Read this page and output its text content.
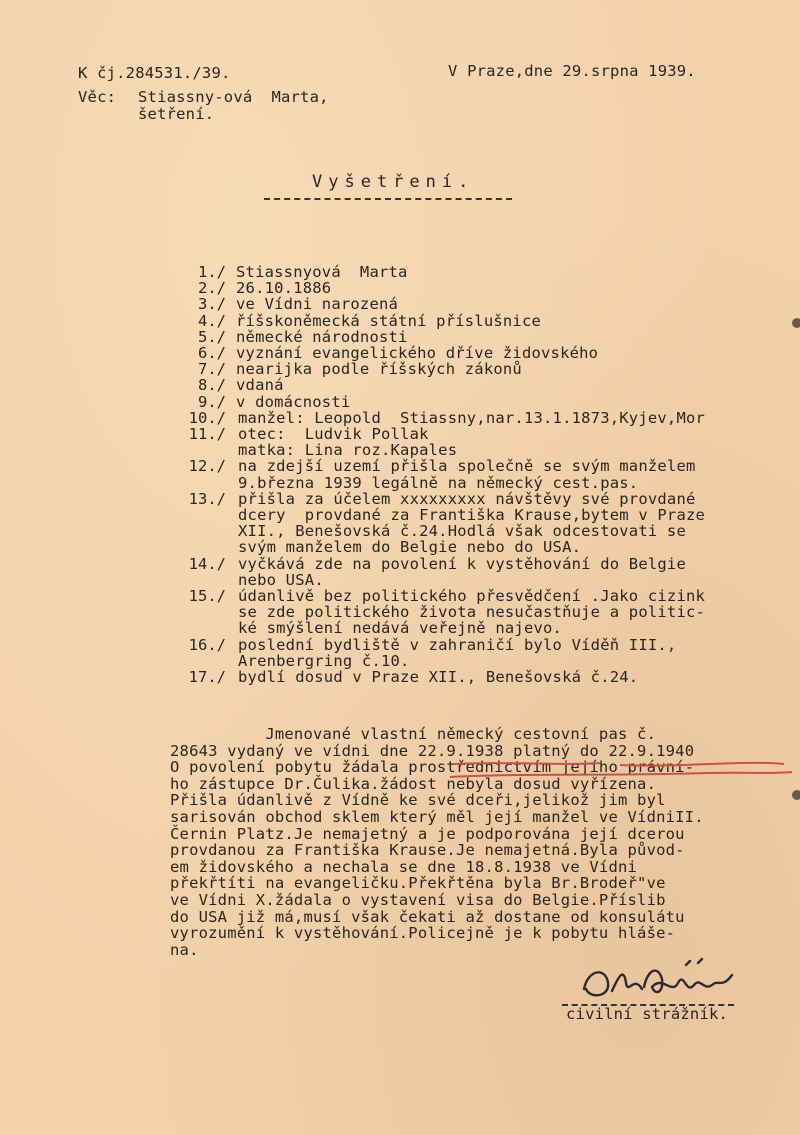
K čj.284531./39.	V Praze,dne 29.srpna 1939.
Věc: Stiassny-ová  Marta,
šetření.
Vyšetření.
1./ Stiassnyová  Marta
2./ 26.10.1886
3./ ve Vídni narozená
4./ říšskoněmecká státní příslušnice
5./ německé národnosti
6./ vyznání evangelického dříve židovského
7./ nearijka podle říšských zákonů
8./ vdaná
9./ v domácnosti
10./ manžel: Leopold  Stiassny,nar.13.1.1873,Kyjev,Mor
11./ otec:  Ludvik Pollak
matka: Lina roz.Kapales
12./ na zdejší uzemí přišla společně se svým manželem
9.března 1939 legálně na německý cest.pas.
13./ přišla za účelem xxxxxxxxx návštěvy své provdané
dcery  provdané za Františka Krause,bytem v Praze
XII., Benešovská č.24.Hodlá však odcestovati se
svým manželem do Belgie nebo do USA.
14./ vyčkává zde na povolení k vystěhování do Belgie
nebo USA.
15./ údanlivě bez politického přesvědčení .Jako cizink
se zde politického života nesučastňuje a politic-
ké smýšlení nedává veřejně najevo.
16./ poslední bydliště v zahraničí bylo Víděň III.,
Arenbergring č.10.
17./ bydlí dosud v Praze XII., Benešovská č.24.
Jmenované vlastní německý cestovní pas č.
28643 vydaný ve vídni dne 22.9.1938 platný do 22.9.1940
O povolení pobytu žádala prostřednictvím jejího právní-
ho zástupce Dr.Čulika.žádost nebyla dosud vyřízena.
Přišla údanlivě z Vídně ke své dceři,jelikož jim byl
sarisován obchod sklem který měl její manžel ve VídniII.
Černin Platz.Je nemajetný a je podporována její dcerou
provdanou za Františka Krause.Je nemajetná.Byla původ-
em židovského a nechala se dne 18.8.1938 ve Vídni
překřtíti na evangeličku.Překřtěna byla Br.Brodeř"ve
ve Vídni X.žádala o vystavení visa do Belgie.Příslib
do USA již má,musí však čekati až dostane od konsulátu
vyrozumění k vystěhování.Policejně je k pobytu hláše-
na.
civilní strážník.
